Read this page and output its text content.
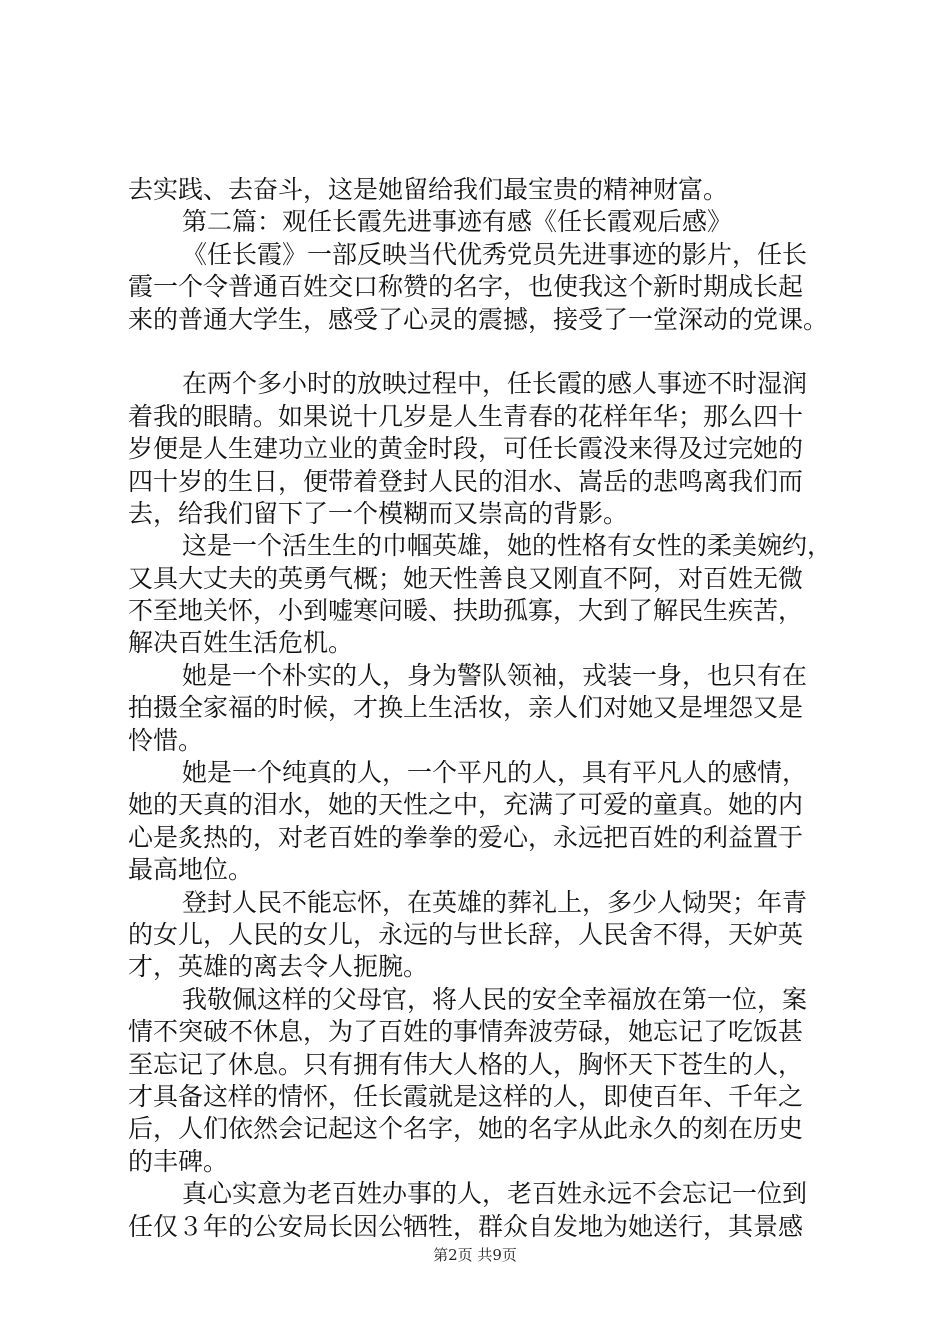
去实践、去奋斗，这是她留给我们最宝贵的精神财富。
第二篇：观任长霞先进事迹有感《任长霞观后感》
《任长霞》一部反映当代优秀党员先进事迹的影片，任长
霞一个令普通百姓交口称赞的名字，也使我这个新时期成长起
来的普通大学生，感受了心灵的震撼，接受了一堂深动的党课。
在两个多小时的放映过程中，任长霞的感人事迹不时湿润
着我的眼睛。如果说十几岁是人生青春的花样年华；那么四十
岁便是人生建功立业的黄金时段，可任长霞没来得及过完她的
四十岁的生日，便带着登封人民的泪水、嵩岳的悲鸣离我们而
去，给我们留下了一个模糊而又崇高的背影。
这是一个活生生的巾帼英雄，她的性格有女性的柔美婉约，
又具大丈夫的英勇气概；她天性善良又刚直不阿，对百姓无微
不至地关怀，小到嘘寒问暖、扶助孤寡，大到了解民生疾苦，
解决百姓生活危机。
她是一个朴实的人，身为警队领袖，戎装一身，也只有在
拍摄全家福的时候，才换上生活妆，亲人们对她又是埋怨又是
怜惜。
她是一个纯真的人，一个平凡的人，具有平凡人的感情，
她的天真的泪水，她的天性之中，充满了可爱的童真。她的内
心是炙热的，对老百姓的拳拳的爱心，永远把百姓的利益置于
最高地位。
登封人民不能忘怀，在英雄的葬礼上，多少人恸哭；年青
的女儿，人民的女儿，永远的与世长辞，人民舍不得，天妒英
才，英雄的离去令人扼腕。
我敬佩这样的父母官，将人民的安全幸福放在第一位，案
情不突破不休息，为了百姓的事情奔波劳碌，她忘记了吃饭甚
至忘记了休息。只有拥有伟大人格的人，胸怀天下苍生的人，
才具备这样的情怀，任长霞就是这样的人，即使百年、千年之
后，人们依然会记起这个名字，她的名字从此永久的刻在历史
的丰碑。
真心实意为老百姓办事的人，老百姓永远不会忘记一位到
任仅３年的公安局长因公牺牲，群众自发地为她送行，其景感
第2页 共9页
